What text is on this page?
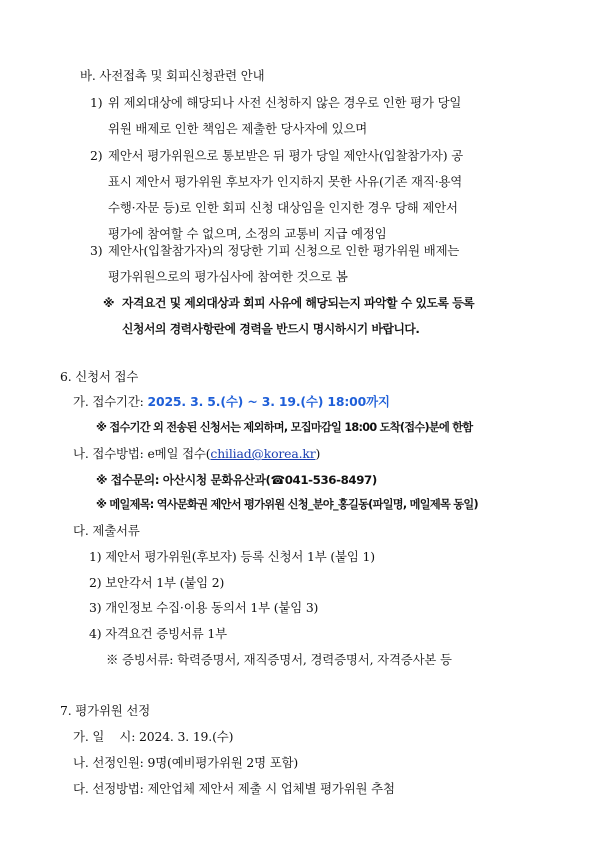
바. 사전접촉 및 회피신청관련 안내
1) 위 제외대상에 해당되나 사전 신청하지 않은 경우로 인한 평가 당일
위원 배제로 인한 책임은 제출한 당사자에 있으며
2) 제안서 평가위원으로 통보받은 뒤 평가 당일 제안사(입찰참가자) 공
표시 제안서 평가위원 후보자가 인지하지 못한 사유(기존 재직·용역
수행·자문 등)로 인한 회피 신청 대상임을 인지한 경우 당해 제안서
평가에 참여할 수 없으며, 소정의 교통비 지급 예정임
3) 제안사(입찰참가자)의 정당한 기피 신청으로 인한 평가위원 배제는
평가위원으로의 평가심사에 참여한 것으로 봄
※ 자격요건 및 제외대상과 회피 사유에 해당되는지 파악할 수 있도록 등록
신청서의 경력사항란에 경력을 반드시 명시하시기 바랍니다.
6. 신청서 접수
가. 접수기간: 2025. 3. 5.(수) ~ 3. 19.(수) 18:00까지
※ 접수기간 외 전송된 신청서는 제외하며, 모집마감일 18:00 도착(접수)분에 한함
나. 접수방법: e메일 접수(chiliad@korea.kr)
※ 접수문의: 아산시청 문화유산과(☎041-536-8497)
※ 메일제목: 역사문화권 제안서 평가위원 신청_분야_홍길동(파일명, 메일제목 동일)
다. 제출서류
1) 제안서 평가위원(후보자) 등록 신청서 1부 (붙임 1)
2) 보안각서 1부 (붙임 2)
3) 개인정보 수집·이용 동의서 1부 (붙임 3)
4) 자격요건 증빙서류 1부
※ 증빙서류: 학력증명서, 재직증명서, 경력증명서, 자격증사본 등
7. 평가위원 선정
가. 일    시: 2024. 3. 19.(수)
나. 선정인원: 9명(예비평가위원 2명 포함)
다. 선정방법: 제안업체 제안서 제출 시 업체별 평가위원 추첨
